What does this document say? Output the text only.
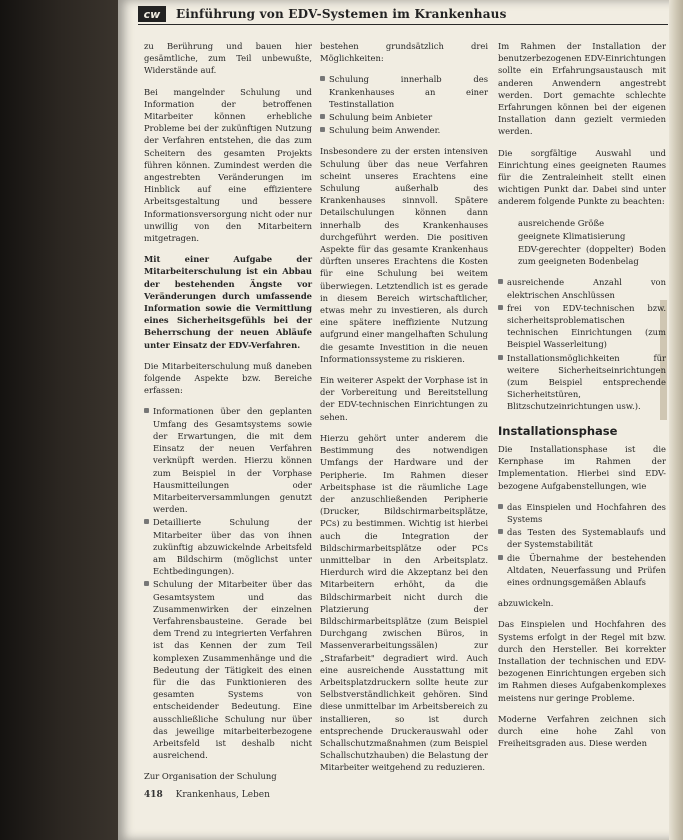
cw	Einführung von EDV-Systemen im Krankenhaus

zu Berührung und bauen hier gesämtliche, zum Teil unbewußte, Widerstände auf.

Bei mangelnder Schulung und Information der betroffenen Mitarbeiter können erhebliche Probleme bei der zukünftigen Nutzung der Verfahren entstehen, die das zum Scheitern des gesamten Projekts führen können. Zumindest werden die angestrebten Veränderungen im Hinblick auf eine effizientere Arbeitsgestaltung und bessere Informationsversorgung nicht oder nur unwillig von den Mitarbeitern mitgetragen.

Mit einer Aufgabe der Mitarbeiterschulung ist ein Abbau der bestehenden Ängste vor Veränderungen durch umfassende Information sowie die Vermittlung eines Sicherheitsgefühls bei der Beherrschung der neuen Abläufe unter Einsatz der EDV-Verfahren.

Die Mitarbeiterschulung muß daneben folgende Aspekte bzw. Bereiche erfassen:

Informationen über den geplanten Umfang des Gesamtsystems sowie der Erwartungen, die mit dem Einsatz der neuen Verfahren verknüpft werden. Hierzu können zum Beispiel in der Vorphase Hausmitteilungen oder Mitarbeiterversammlungen genutzt werden.
Detaillierte Schulung der Mitarbeiter über das von ihnen zukünftig abzuwickelnde Arbeitsfeld am Bildschirm (möglichst unter Echtbedingungen).
Schulung der Mitarbeiter über das Gesamtsystem und das Zusammenwirken der einzelnen Verfahrensbausteine. Gerade bei dem Trend zu integrierten Verfahren ist das Kennen der zum Teil komplexen Zusammenhänge und die Bedeutung der Tätigkeit des einen für die das Funktionieren des gesamten Systems von entscheidender Bedeutung. Eine ausschließliche Schulung nur über das jeweilige mitarbeiterbezogene Arbeitsfeld ist deshalb nicht ausreichend.

Zur Organisation der Schulung

bestehen grundsätzlich drei Möglichkeiten:

Schulung innerhalb des Krankenhauses an einer Testinstallation
Schulung beim Anbieter
Schulung beim Anwender.

Insbesondere zu der ersten intensiven Schulung über das neue Verfahren scheint unseres Erachtens eine Schulung außerhalb des Krankenhauses sinnvoll. Spätere Detailschulungen können dann innerhalb des Krankenhauses durchgeführt werden. Die positiven Aspekte für das gesamte Krankenhaus dürften unseres Erachtens die Kosten für eine Schulung bei weitem überwiegen. Letztendlich ist es gerade in diesem Bereich wirtschaftlicher, etwas mehr zu investieren, als durch eine spätere ineffiziente Nutzung aufgrund einer mangelhaften Schulung die gesamte Investition in die neuen Informationssysteme zu riskieren.

Ein weiterer Aspekt der Vorphase ist in der Vorbereitung und Bereitstellung der EDV-technischen Einrichtungen zu sehen.

Hierzu gehört unter anderem die Bestimmung des notwendigen Umfangs der Hardware und der Peripherie. Im Rahmen dieser Arbeitsphase ist die räumliche Lage der anzuschließenden Peripherie (Drucker, Bildschirmarbeitsplätze, PCs) zu bestimmen. Wichtig ist hierbei auch die Integration der Bildschirmarbeitsplätze oder PCs unmittelbar in den Arbeitsplatz. Hierdurch wird die Akzeptanz bei den Mitarbeitern erhöht, da die Bildschirmarbeit nicht durch die Platzierung der Bildschirmarbeitsplätze (zum Beispiel Durchgang zwischen Büros, in Massenverarbeitungssälen) zur „Strafarbeit" degradiert wird. Auch eine ausreichende Ausstattung mit Arbeitsplatzdruckern sollte heute zur Selbstverständlichkeit gehören. Sind diese unmittelbar im Arbeitsbereich zu installieren, so ist durch entsprechende Druckerauswahl oder Schallschutzmaßnahmen (zum Beispiel Schallschutzhauben) die Belastung der Mitarbeiter weitgehend zu reduzieren.

Im Rahmen der Installation der benutzerbezogenen EDV-Einrichtungen sollte ein Erfahrungsaustausch mit anderen Anwendern angestrebt werden. Dort gemachte schlechte Erfahrungen können bei der eigenen Installation dann gezielt vermieden werden.

Die sorgfältige Auswahl und Einrichtung eines geeigneten Raumes für die Zentraleinheit stellt einen wichtigen Punkt dar. Dabei sind unter anderem folgende Punkte zu beachten:

ausreichende Größe
geeignete Klimatisierung
EDV-gerechter (doppelter) Boden zum geeigneten Bodenbelag
ausreichende Anzahl von elektrischen Anschlüssen
frei von EDV-technischen bzw. sicherheitsproblematischen technischen Einrichtungen (zum Beispiel Wasserleitung)
Installationsmöglichkeiten für weitere Sicherheitseinrichtungen (zum Beispiel entsprechende Sicherheitstüren, Blitzschutzeinrichtungen usw.).
Installationsphase

Die Installationsphase ist die Kernphase im Rahmen der Implementation. Hierbei sind EDV-bezogene Aufgabenstellungen, wie

das Einspielen und Hochfahren des Systems
das Testen des Systemablaufs und der Systemstabilität
die Übernahme der bestehenden Altdaten, Neuerfassung und Prüfen eines ordnungsgemäßen Ablaufs

abzuwickeln.

Das Einspielen und Hochfahren des Systems erfolgt in der Regel mit bzw. durch den Hersteller. Bei korrekter Installation der technischen und EDV-bezogenen Einrichtungen ergeben sich im Rahmen dieses Aufgabenkomplexes meistens nur geringe Probleme.

Moderne Verfahren zeichnen sich durch eine hohe Zahl von Freiheitsgraden aus. Diese werden

418 Krankenhaus, Leben
